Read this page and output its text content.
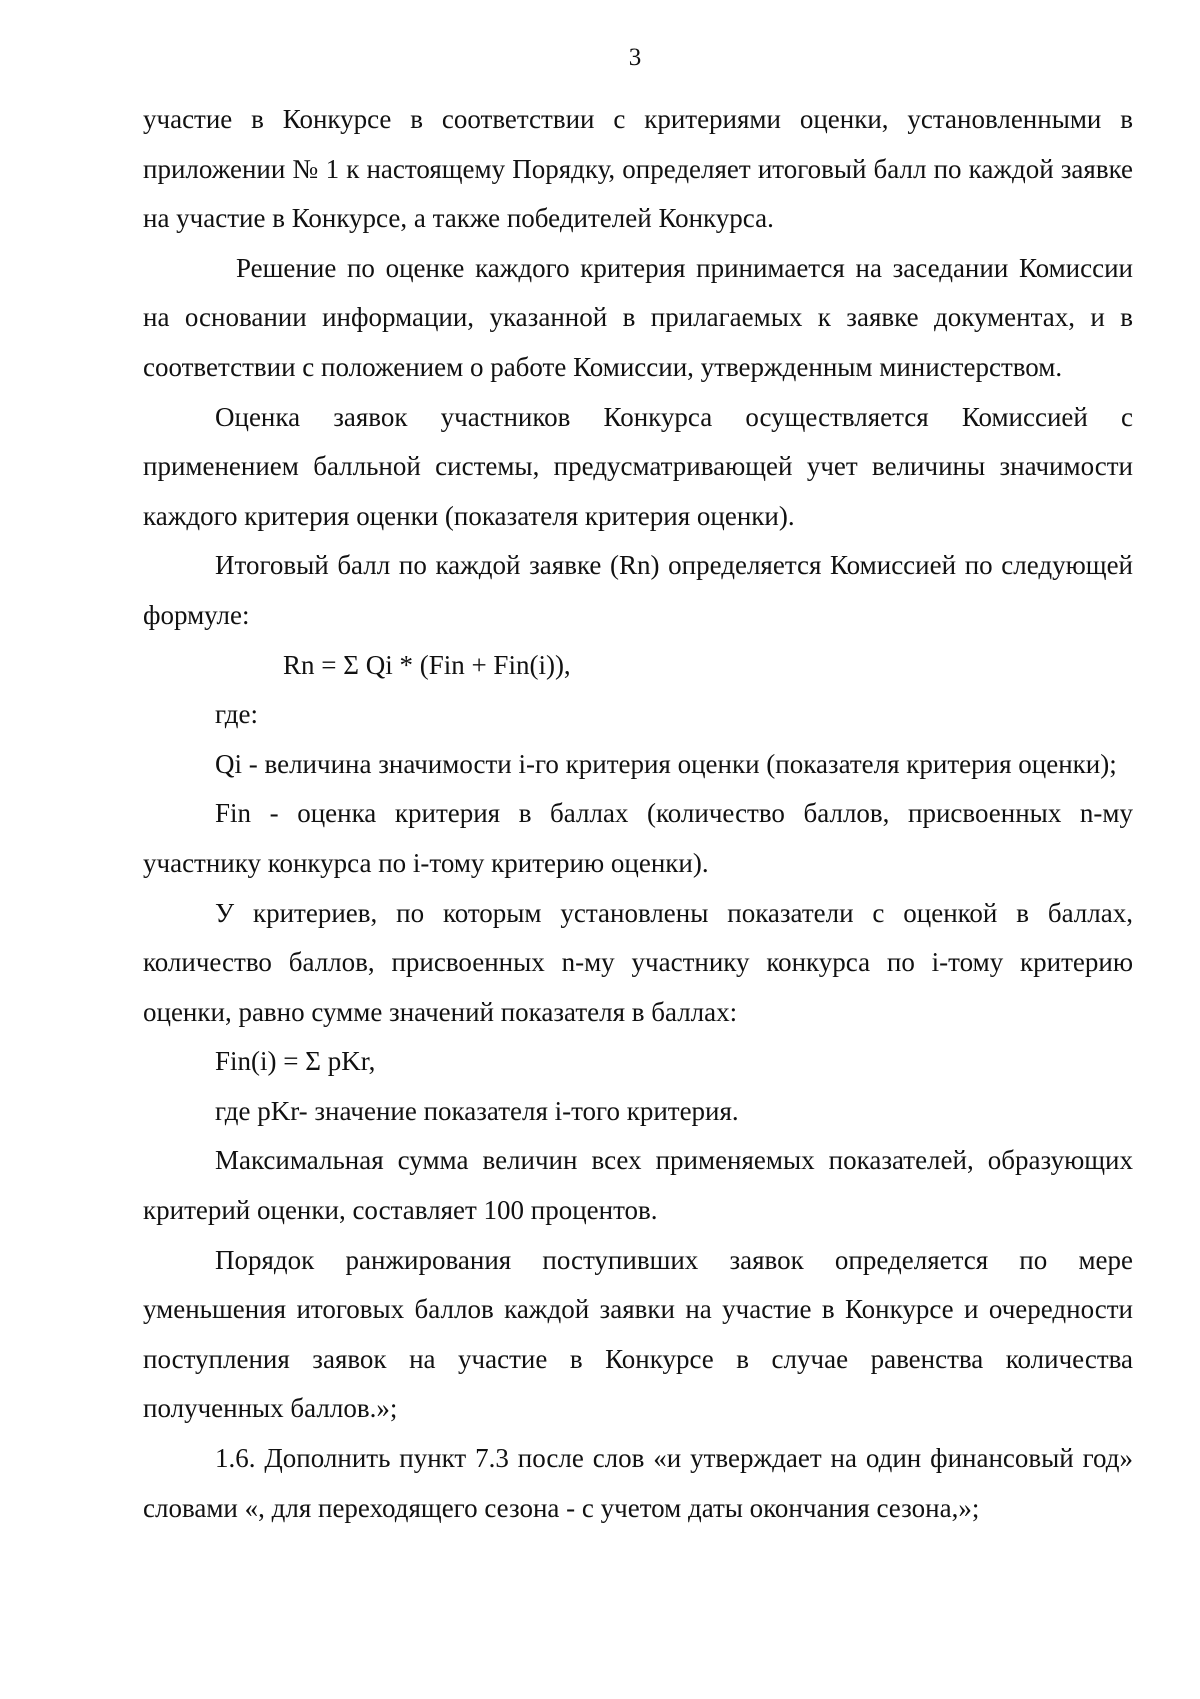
3

участие в Конкурсе в соответствии с критериями оценки, установленными в приложении № 1 к настоящему Порядку, определяет итоговый балл по каждой заявке на участие в Конкурсе, а также победителей Конкурса.

Решение по оценке каждого критерия принимается на заседании Комиссии на основании информации, указанной в прилагаемых к заявке документах, и в соответствии с положением о работе Комиссии, утвержденным министерством.

Оценка заявок участников Конкурса осуществляется Комиссией с применением балльной системы, предусматривающей учет величины значимости каждого критерия оценки (показателя критерия оценки).

Итоговый балл по каждой заявке (Rn) определяется Комиссией по следующей формуле:

Rn = Σ Qi * (Fin + Fin(i)),

где:

Qi - величина значимости i-го критерия оценки (показателя критерия оценки);

Fin - оценка критерия в баллах (количество баллов, присвоенных n-му участнику конкурса по i-тому критерию оценки).

У критериев, по которым установлены показатели с оценкой в баллах, количество баллов, присвоенных n-му участнику конкурса по i-тому критерию оценки, равно сумме значений показателя в баллах:

Fin(i) = Σ pKr,

где pKr- значение показателя i-того критерия.

Максимальная сумма величин всех применяемых показателей, образующих критерий оценки, составляет 100 процентов.

Порядок ранжирования поступивших заявок определяется по мере уменьшения итоговых баллов каждой заявки на участие в Конкурсе и очередности поступления заявок на участие в Конкурсе в случае равенства количества полученных баллов.»;

1.6. Дополнить пункт 7.3 после слов «и утверждает на один финансовый год» словами «, для переходящего сезона - с учетом даты окончания сезона,»;
